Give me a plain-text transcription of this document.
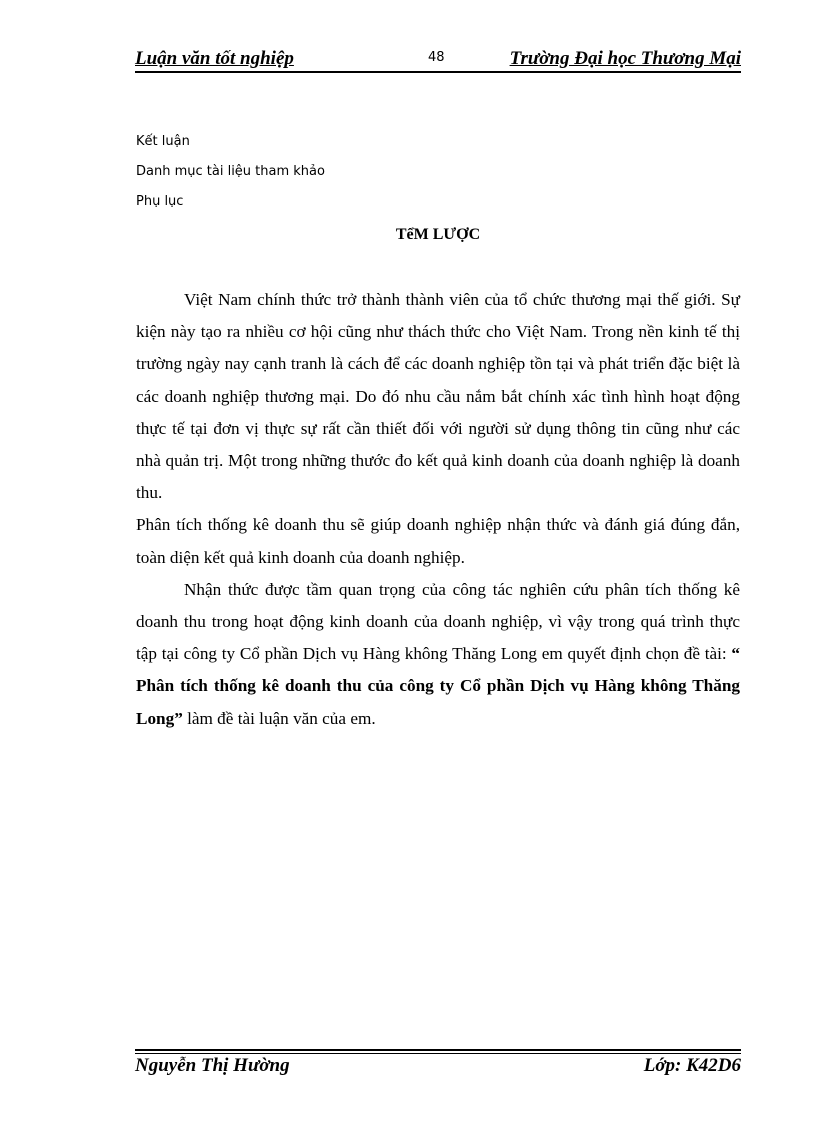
Luận văn tốt nghiệp	48	Trường Đại học Thương Mại
Kết luận
Danh mục tài liệu tham khảo
Phụ lục
TểM LƯỢC

Việt Nam chính thức trở thành thành viên của tổ chức thương mại thế giới. Sự kiện này tạo ra nhiều cơ hội cũng như thách thức cho Việt Nam. Trong nền kinh tế thị trường ngày nay cạnh tranh là cách để các doanh nghiệp tồn tại và phát triển đặc biệt là các doanh nghiệp thương mại. Do đó nhu cầu nắm bắt chính xác tình hình hoạt động thực tế tại đơn vị thực sự rất cần thiết đối với người sử dụng thông tin cũng như các nhà quản trị. Một trong những thước đo kết quả kinh doanh của doanh nghiệp là doanh thu.

Phân tích thống kê doanh thu sẽ giúp doanh nghiệp nhận thức và đánh giá đúng đắn, toàn diện kết quả kinh doanh của doanh nghiệp.

Nhận thức được tầm quan trọng của công tác nghiên cứu phân tích thống kê doanh thu trong hoạt động kinh doanh của doanh nghiệp, vì vậy trong quá trình thực tập tại công ty Cổ phần Dịch vụ Hàng không Thăng Long em quyết định chọn đề tài: “ Phân tích thống kê doanh thu của công ty Cổ phần Dịch vụ Hàng không Thăng Long” làm đề tài luận văn của em.

Nguyễn Thị Hường	Lớp: K42D6
